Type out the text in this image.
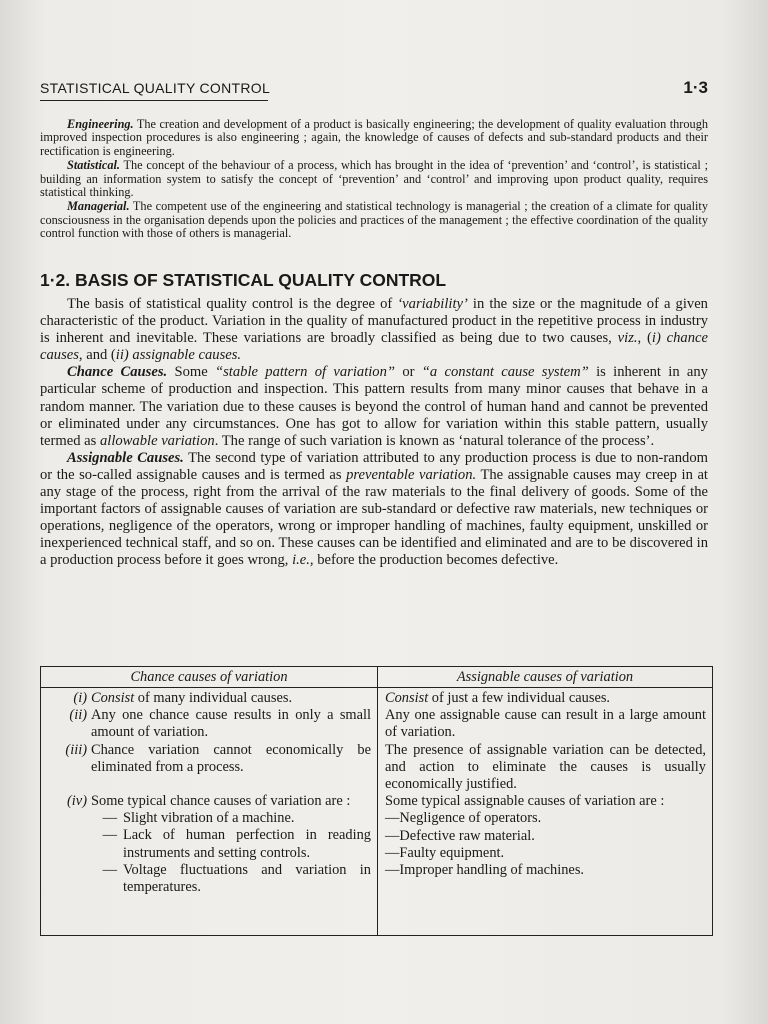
STATISTICAL QUALITY CONTROL	1·3

Engineering. The creation and development of a product is basically engineering; the development of quality evaluation through improved inspection procedures is also engineering ; again, the knowledge of causes of defects and sub-standard products and their rectification is engineering.

Statistical. The concept of the behaviour of a process, which has brought in the idea of ‘prevention’ and ‘control’, is statistical ; building an information system to satisfy the concept of ‘prevention’ and ‘control’ and improving upon product quality, requires statistical thinking.

Managerial. The competent use of the engineering and statistical technology is managerial ; the creation of a climate for quality consciousness in the organisation depends upon the policies and practices of the management ; the effective coordination of the quality control function with those of others is managerial.

1·2. BASIS OF STATISTICAL QUALITY CONTROL

The basis of statistical quality control is the degree of ‘variability’ in the size or the magnitude of a given characteristic of the product. Variation in the quality of manufactured product in the repetitive process in industry is inherent and inevitable. These variations are broadly classified as being due to two causes, viz., (i) chance causes, and (ii) assignable causes.

Chance Causes. Some “stable pattern of variation” or “a constant cause system” is inherent in any particular scheme of production and inspection. This pattern results from many minor causes that behave in a random manner. The variation due to these causes is beyond the control of human hand and cannot be prevented or eliminated under any circumstances. One has got to allow for variation within this stable pattern, usually termed as allowable variation. The range of such variation is known as ‘natural tolerance of the process’.

Assignable Causes. The second type of variation attributed to any production process is due to non-random or the so-called assignable causes and is termed as preventable variation. The assignable causes may creep in at any stage of the process, right from the arrival of the raw materials to the final delivery of goods. Some of the important factors of assignable causes of variation are sub-standard or defective raw materials, new techniques or operations, negligence of the operators, wrong or improper handling of machines, faulty equipment, unskilled or inexperienced technical staff, and so on. These causes can be identified and eliminated and are to be discovered in a production process before it goes wrong, i.e., before the production becomes defective.

Chance causes of variation
(i) Consist of many individual causes.
(ii) Any one chance cause results in only a small amount of variation.
(iii) Chance variation cannot economically be eliminated from a process.
(iv) Some typical chance causes of variation are :
— Slight vibration of a machine.
— Lack of human perfection in reading instruments and setting controls.
— Voltage fluctuations and variation in temperatures.
Assignable causes of variation
Consist of just a few individual causes.
Any one assignable cause can result in a large amount of variation.
The presence of assignable variation can be detected, and action to eliminate the causes is usually economically justified.
Some typical assignable causes of variation are :
—Negligence of operators.
—Defective raw material.
—Faulty equipment.
—Improper handling of machines.
